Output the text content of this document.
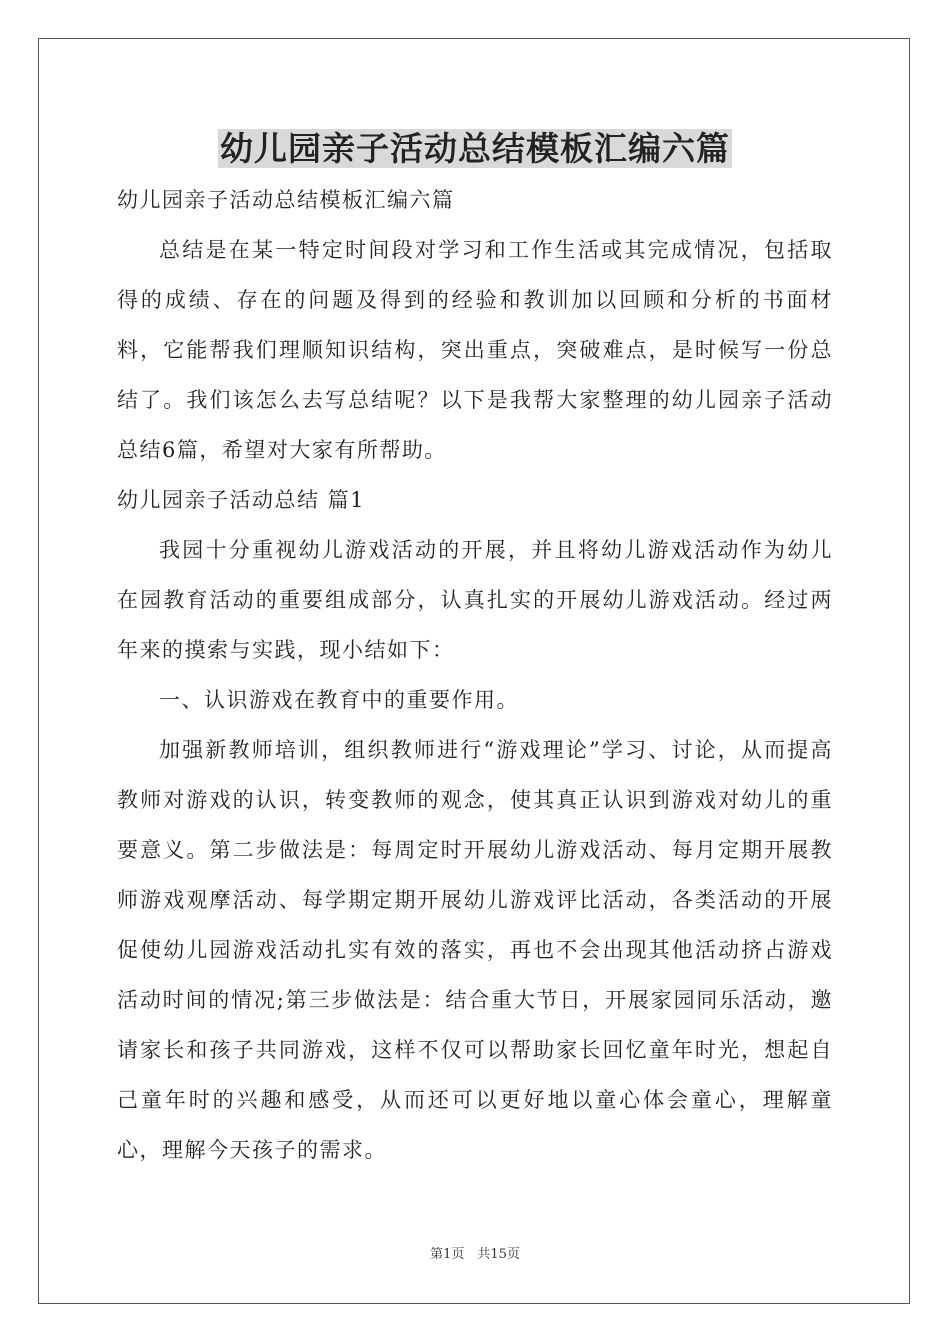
幼儿园亲子活动总结模板汇编六篇

幼儿园亲子活动总结模板汇编六篇

总结是在某一特定时间段对学习和工作生活或其完成情况，包括取得的成绩、存在的问题及得到的经验和教训加以回顾和分析的书面材料，它能帮我们理顺知识结构，突出重点，突破难点，是时候写一份总结了。我们该怎么去写总结呢？以下是我帮大家整理的幼儿园亲子活动总结6篇，希望对大家有所帮助。

幼儿园亲子活动总结 篇1

我园十分重视幼儿游戏活动的开展，并且将幼儿游戏活动作为幼儿在园教育活动的重要组成部分，认真扎实的开展幼儿游戏活动。经过两年来的摸索与实践，现小结如下：

一、认识游戏在教育中的重要作用。

加强新教师培训，组织教师进行“游戏理论”学习、讨论，从而提高教师对游戏的认识，转变教师的观念，使其真正认识到游戏对幼儿的重要意义。第二步做法是：每周定时开展幼儿游戏活动、每月定期开展教师游戏观摩活动、每学期定期开展幼儿游戏评比活动，各类活动的开展促使幼儿园游戏活动扎实有效的落实，再也不会出现其他活动挤占游戏活动时间的情况;第三步做法是：结合重大节日，开展家园同乐活动，邀请家长和孩子共同游戏，这样不仅可以帮助家长回忆童年时光，想起自己童年时的兴趣和感受，从而还可以更好地以童心体会童心，理解童心，理解今天孩子的需求。

第1页　共15页
